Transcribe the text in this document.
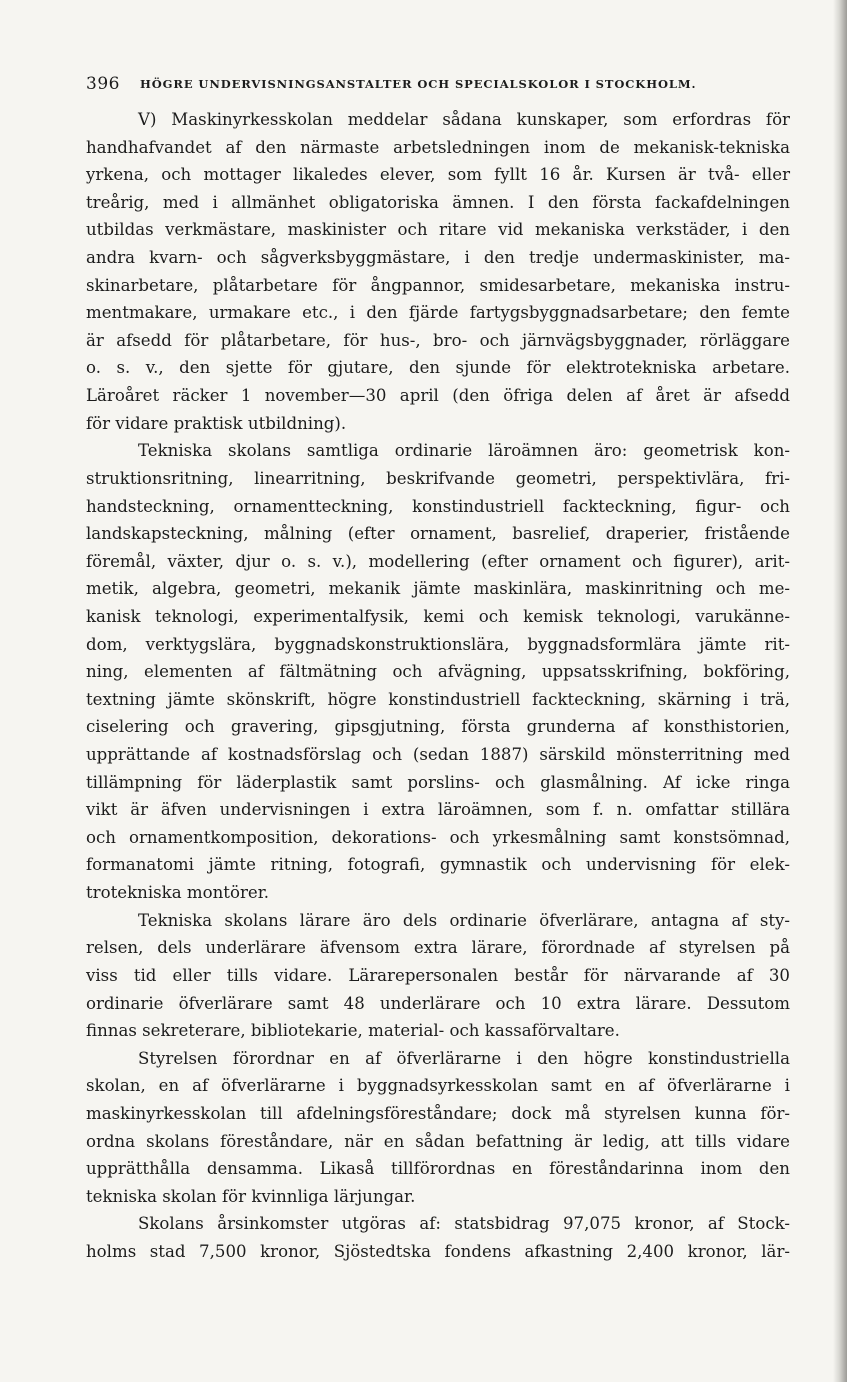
396 HÖGRE UNDERVISNINGSANSTALTER OCH SPECIALSKOLOR I STOCKHOLM.
V) Maskinyrkesskolan meddelar sådana kunskaper, som erfordras för
handhafvandet af den närmaste arbetsledningen inom de mekanisk-tekniska
yrkena, och mottager likaledes elever, som fyllt 16 år. Kursen är två- eller
treårig, med i allmänhet obligatoriska ämnen. I den första fackafdelningen
utbildas verkmästare, maskinister och ritare vid mekaniska verkstäder, i den
andra kvarn- och sågverksbyggmästare, i den tredje undermaskinister, ma-
skinarbetare, plåtarbetare för ångpannor, smidesarbetare, mekaniska instru-
mentmakare, urmakare etc., i den fjärde fartygsbyggnadsarbetare; den femte
är afsedd för plåtarbetare, för hus-, bro- och järnvägsbyggnader, rörläggare
o. s. v., den sjette för gjutare, den sjunde för elektrotekniska arbetare.
Läroåret räcker 1 november—30 april (den öfriga delen af året är afsedd
för vidare praktisk utbildning).
Tekniska skolans samtliga ordinarie läroämnen äro: geometrisk kon-
struktionsritning, linearritning, beskrifvande geometri, perspektivlära, fri-
handsteckning, ornamentteckning, konstindustriell fackteckning, figur- och
landskapsteckning, målning (efter ornament, basrelief, draperier, fristående
föremål, växter, djur o. s. v.), modellering (efter ornament och figurer), arit-
metik, algebra, geometri, mekanik jämte maskinlära, maskinritning och me-
kanisk teknologi, experimentalfysik, kemi och kemisk teknologi, varukänne-
dom, verktygslära, byggnadskonstruktionslära, byggnadsformlära jämte rit-
ning, elementen af fältmätning och afvägning, uppsatsskrifning, bokföring,
textning jämte skönskrift, högre konstindustriell fackteckning, skärning i trä,
ciselering och gravering, gipsgjutning, första grunderna af konsthistorien,
upprättande af kostnadsförslag och (sedan 1887) särskild mönsterritning med
tillämpning för läderplastik samt porslins- och glasmålning. Af icke ringa
vikt är äfven undervisningen i extra läroämnen, som f. n. omfattar stillära
och ornamentkomposition, dekorations- och yrkesmålning samt konstsömnad,
formanatomi jämte ritning, fotografi, gymnastik och undervisning för elek-
trotekniska montörer.
Tekniska skolans lärare äro dels ordinarie öfverlärare, antagna af sty-
relsen, dels underlärare äfvensom extra lärare, förordnade af styrelsen på
viss tid eller tills vidare. Lärarepersonalen består för närvarande af 30
ordinarie öfverlärare samt 48 underlärare och 10 extra lärare. Dessutom
finnas sekreterare, bibliotekarie, material- och kassaförvaltare.
Styrelsen förordnar en af öfverlärarne i den högre konstindustriella
skolan, en af öfverlärarne i byggnadsyrkesskolan samt en af öfverlärarne i
maskinyrkesskolan till afdelningsföreståndare; dock må styrelsen kunna för-
ordna skolans föreståndare, när en sådan befattning är ledig, att tills vidare
upprätthålla densamma. Likaså tillförordnas en föreståndarinna inom den
tekniska skolan för kvinnliga lärjungar.
Skolans årsinkomster utgöras af: statsbidrag 97,075 kronor, af Stock-
holms stad 7,500 kronor, Sjöstedtska fondens afkastning 2,400 kronor, lär-
